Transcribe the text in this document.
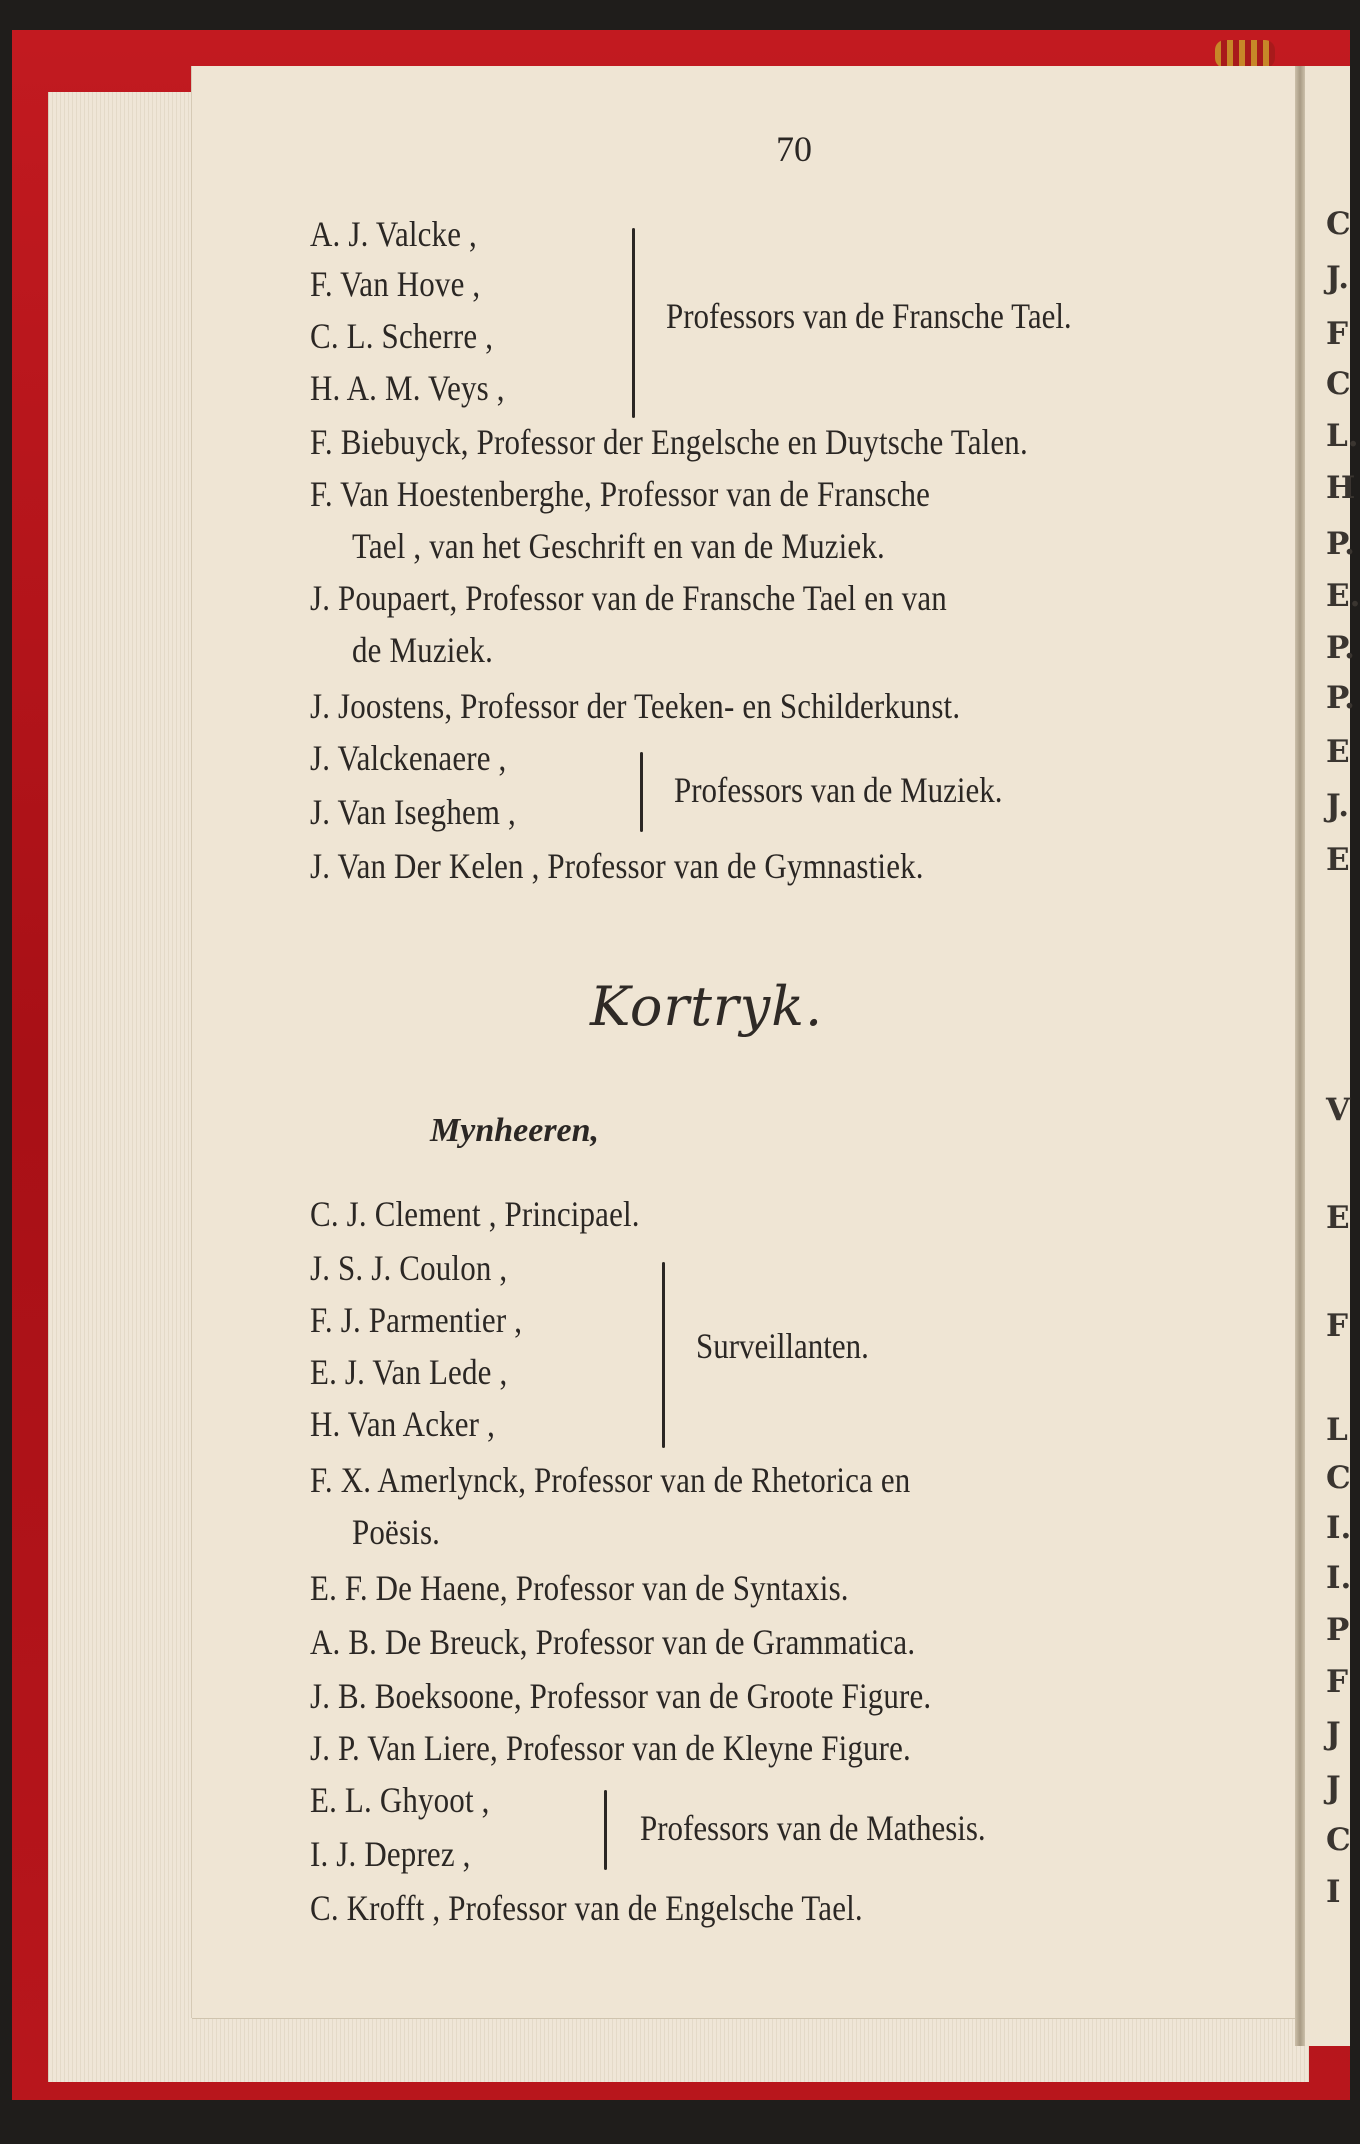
C
J.
F
C
L.
H
P.
E.
P.
P.
E
J.
E
V
E
F
L
C
I.
I.
P
F
J
J
C
I
70
A. J. Valcke ,
F. Van Hove ,
C. L. Scherre ,
H. A. M. Veys ,
Professors van de Fransche Tael.
F. Biebuyck, Professor der Engelsche en Duytsche Talen.
F. Van Hoestenberghe, Professor van de Fransche
Tael , van het Geschrift en van de Muziek.
J. Poupaert, Professor van de Fransche Tael en van
de Muziek.
J. Joostens, Professor der Teeken- en Schilderkunst.
J. Valckenaere ,
J. Van Iseghem ,
Professors van de Muziek.
J. Van Der Kelen , Professor van de Gymnastiek.
Kortryk.
Mynheeren,
C. J. Clement , Principael.
J. S. J. Coulon ,
F. J. Parmentier ,
E. J. Van Lede ,
H. Van Acker ,
Surveillanten.
F. X. Amerlynck, Professor van de Rhetorica en
Poësis.
E. F. De Haene, Professor van de Syntaxis.
A. B. De Breuck, Professor van de Grammatica.
J. B. Boeksoone, Professor van de Groote Figure.
J. P. Van Liere, Professor van de Kleyne Figure.
E. L. Ghyoot ,
I. J. Deprez ,
Professors van de Mathesis.
C. Krofft , Professor van de Engelsche Tael.
